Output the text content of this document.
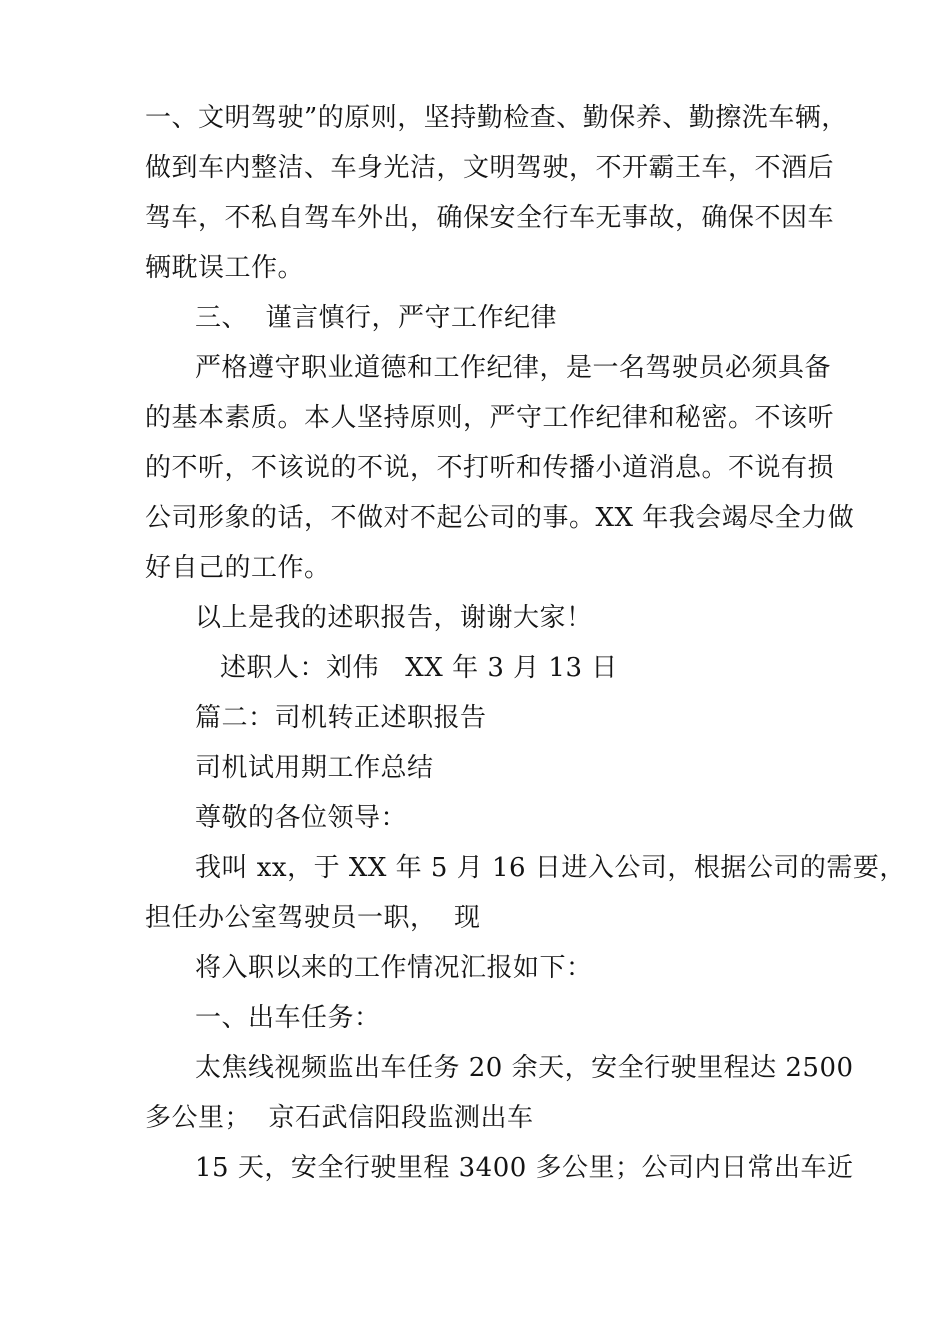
一、文明驾驶”的原则，坚持勤检查、勤保养、勤擦洗车辆，
做到车内整洁、车身光洁，文明驾驶，不开霸王车，不酒后
驾车，不私自驾车外出，确保安全行车无事故，确保不因车
辆耽误工作。
三、  谨言慎行，严守工作纪律
严格遵守职业道德和工作纪律，是一名驾驶员必须具备
的基本素质。本人坚持原则，严守工作纪律和秘密。不该听
的不听，不该说的不说，不打听和传播小道消息。不说有损
公司形象的话，不做对不起公司的事。XX 年我会竭尽全力做
好自己的工作。
以上是我的述职报告，谢谢大家！
述职人：刘伟   XX 年 3 月 13 日
篇二：司机转正述职报告
司机试用期工作总结
尊敬的各位领导：
我叫 xx，于 XX 年 5 月 16 日进入公司，根据公司的需要，
担任办公室驾驶员一职，  现
将入职以来的工作情况汇报如下：
一、出车任务：
太焦线视频监出车任务 20 余天，安全行驶里程达 2500
多公里；  京石武信阳段监测出车
15 天，安全行驶里程 3400 多公里；公司内日常出车近
